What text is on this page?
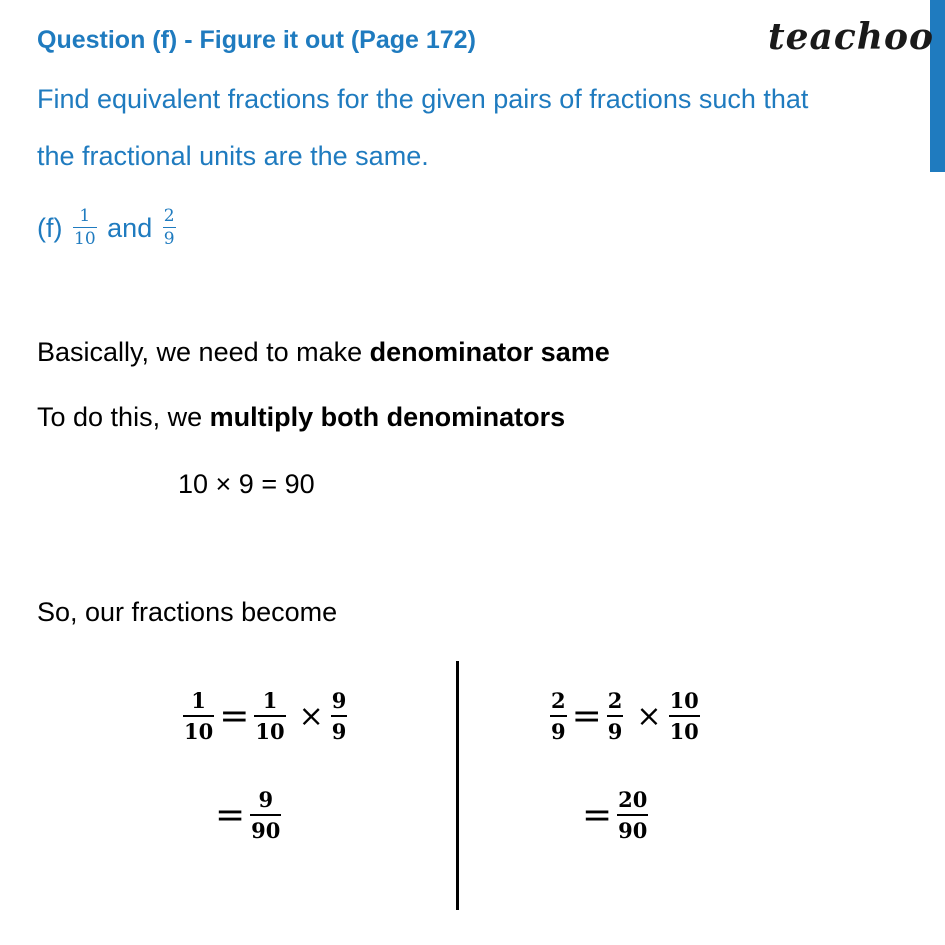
Question (f) - Figure it out (Page 172)	teachoo
Find equivalent fractions for the given pairs of fractions such that
the fractional units are the same.
$(f) \frac{1}{10}$ and $\frac{2}{9}$
Basically, we need to make denominator same
To do this, we multiply both denominators
10 × 9 = 90
So, our fractions become
$\frac{1}{10} = \frac{1}{10} \times \frac{9}{9}$
= $\frac{9}{90}$
$\frac{2}{9} = \frac{2}{9} \times \frac{10}{10}$
= $\frac{20}{90}$
